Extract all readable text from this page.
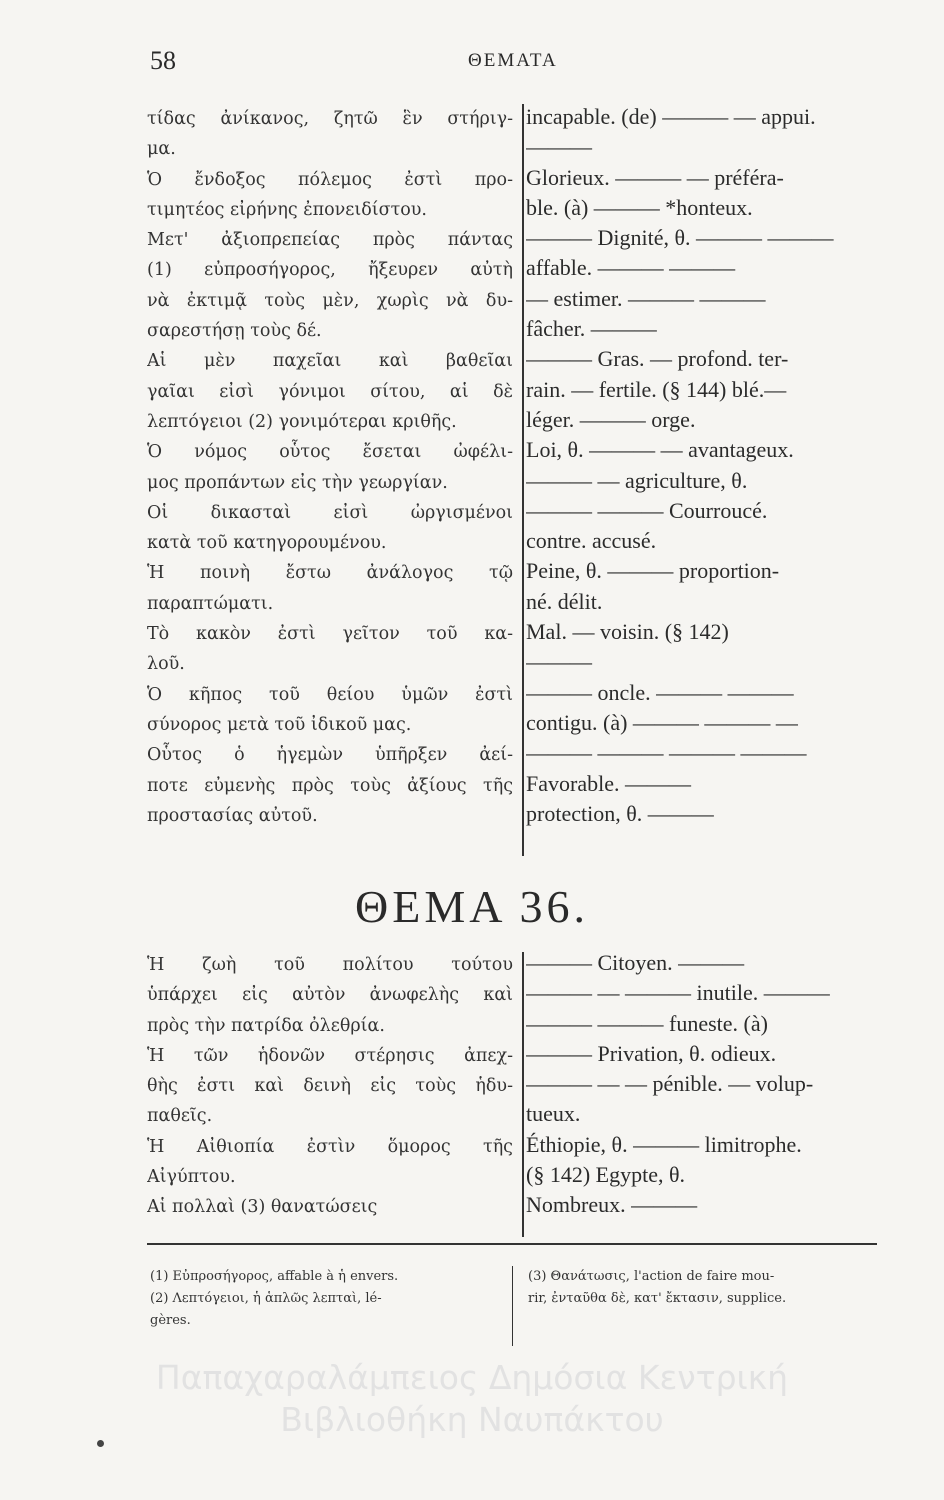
58	ΘΕΜΑΤΑ
τίδας ἀνίκανος, ζητῶ ἓν στήριγ-
μα.
Ὁ ἔνδοξος πόλεμος ἐστὶ προ-
τιμητέος εἰρήνης ἐπονειδίστου.
Μετ' ἀξιοπρεπείας πρὸς πάντας
(1) εὐπροσήγορος, ἤξευρεν αὐτὴ
νὰ ἐκτιμᾷ τοὺς μὲν, χωρὶς νὰ δυ-
σαρεστήσῃ τοὺς δέ.
Αἱ μὲν παχεῖαι καὶ βαθεῖαι
γαῖαι εἰσὶ γόνιμοι σίτου, αἱ δὲ
λεπτόγειοι (2) γονιμότεραι κριθῆς.
Ὁ νόμος οὗτος ἔσεται ὠφέλι-
μος προπάντων εἰς τὴν γεωργίαν.
Οἱ δικασταὶ εἰσὶ ὠργισμένοι
κατὰ τοῦ κατηγορουμένου.
Ἡ ποινὴ ἔστω ἀνάλογος τῷ
παραπτώματι.
Τὸ κακὸν ἐστὶ γεῖτον τοῦ κα-
λοῦ.
Ὁ κῆπος τοῦ θείου ὑμῶν ἐστὶ
σύνορος μετὰ τοῦ ἰδικοῦ μας.
Οὗτος ὁ ἡγεμὼν ὑπῆρξεν ἀεί-
ποτε εὐμενὴς πρὸς τοὺς ἀξίους τῆς
προστασίας αὐτοῦ.
incapable. (de) ——— — appui.
———
Glorieux. ——— — préféra-
ble. (à) ——— *honteux.
——— Dignité, θ. ——— ———
affable. ——— ———
— estimer. ——— ———
fâcher. ———
——— Gras. — profond. ter-
rain. — fertile. (§ 144) blé.—
léger. ——— orge.
Loi, θ. ——— — avantageux.
——— — agriculture, θ.
——— ——— Courroucé.
contre. accusé.
Peine, θ. ——— proportion-
né. délit.
Mal. — voisin. (§ 142)
———
——— oncle. ——— ———
contigu. (à) ——— ——— —
——— ——— ——— ———
Favorable. ———
protection, θ. ———
ΘΕΜΑ 36.
Ἡ ζωὴ τοῦ πολίτου τούτου
ὑπάρχει εἰς αὐτὸν ἀνωφελὴς καὶ
πρὸς τὴν πατρίδα ὀλεθρία.
Ἡ τῶν ἡδονῶν στέρησις ἀπεχ-
θὴς ἐστι καὶ δεινὴ εἰς τοὺς ἡδυ-
παθεῖς.
Ἡ Αἰθιοπία ἐστὶν ὅμορος τῆς
Αἰγύπτου.
Αἱ πολλαὶ (3) θανατώσεις
——— Citoyen. ———
——— — ——— inutile. ———
——— ——— funeste. (à)
——— Privation, θ. odieux.
——— — — pénible. — volup-
tueux.
Éthiopie, θ. ——— limitrophe.
(§ 142) Egypte, θ.
Nombreux. ———
(1) Εὐπροσήγορος, affable à ἡ envers.
(2) Λεπτόγειοι, ἡ ἁπλῶς λεπταὶ, lé-
gères.
(3) Θανάτωσις, l'action de faire mou-
rir, ἐνταῦθα δὲ, κατ' ἔκτασιν, supplice.
Παπαχαραλάμπειος Δημόσια Κεντρική
Βιβλιοθήκη Ναυπάκτου
